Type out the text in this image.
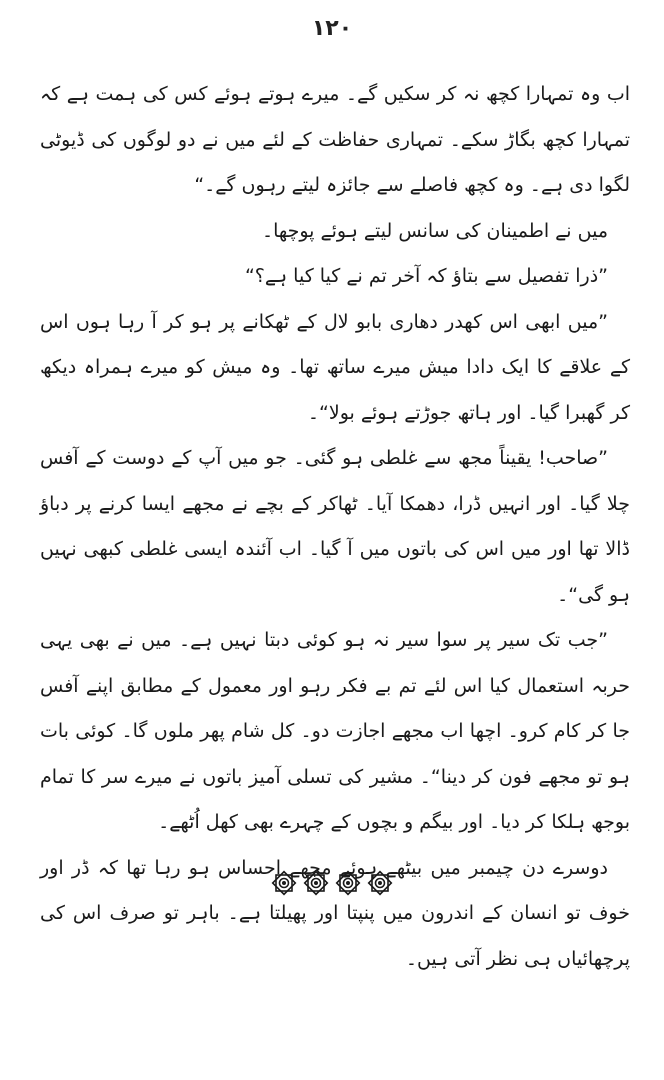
۱۲۰

اب وہ تمہارا کچھ نہ کر سکیں گے۔ میرے ہوتے ہوئے کس کی ہمت ہے کہ تمہارا کچھ بگاڑ سکے۔ تمہاری حفاظت کے لئے میں نے دو لوگوں کی ڈیوٹی لگوا دی ہے۔ وہ کچھ فاصلے سے جائزہ لیتے رہوں گے۔“

میں نے اطمینان کی سانس لیتے ہوئے پوچھا۔

”ذرا تفصیل سے بتاؤ کہ آخر تم نے کیا کیا ہے؟“

”میں ابھی اس کھدر دھاری بابو لال کے ٹھکانے پر ہو کر آ رہا ہوں اس کے علاقے کا ایک دادا میش میرے ساتھ تھا۔ وہ میش کو میرے ہمراہ دیکھ کر گھبرا گیا۔ اور ہاتھ جوڑتے ہوئے بولا“۔

”صاحب! یقیناً مجھ سے غلطی ہو گئی۔ جو میں آپ کے دوست کے آفس چلا گیا۔ اور انہیں ڈرا، دھمکا آیا۔ ٹھاکر کے بچے نے مجھے ایسا کرنے پر دباؤ ڈالا تھا اور میں اس کی باتوں میں آ گیا۔ اب آئندہ ایسی غلطی کبھی نہیں ہو گی“۔

”جب تک سیر پر سوا سیر نہ ہو کوئی دبتا نہیں ہے۔ میں نے بھی یہی حربہ استعمال کیا اس لئے تم بے فکر رہو اور معمول کے مطابق اپنے آفس جا کر کام کرو۔ اچھا اب مجھے اجازت دو۔ کل شام پھر ملوں گا۔ کوئی بات ہو تو مجھے فون کر دینا“۔ مشیر کی تسلی آمیز باتوں نے میرے سر کا تمام بوجھ ہلکا کر دیا۔ اور بیگم و بچوں کے چہرے بھی کھل اُٹھے۔

دوسرے دن چیمبر میں بیٹھے ہوئے مجھے احساس ہو رہا تھا کہ ڈر اور خوف تو انسان کے اندرون میں پنپتا اور پھیلتا ہے۔ باہر تو صرف اس کی پرچھائیاں ہی نظر آتی ہیں۔
